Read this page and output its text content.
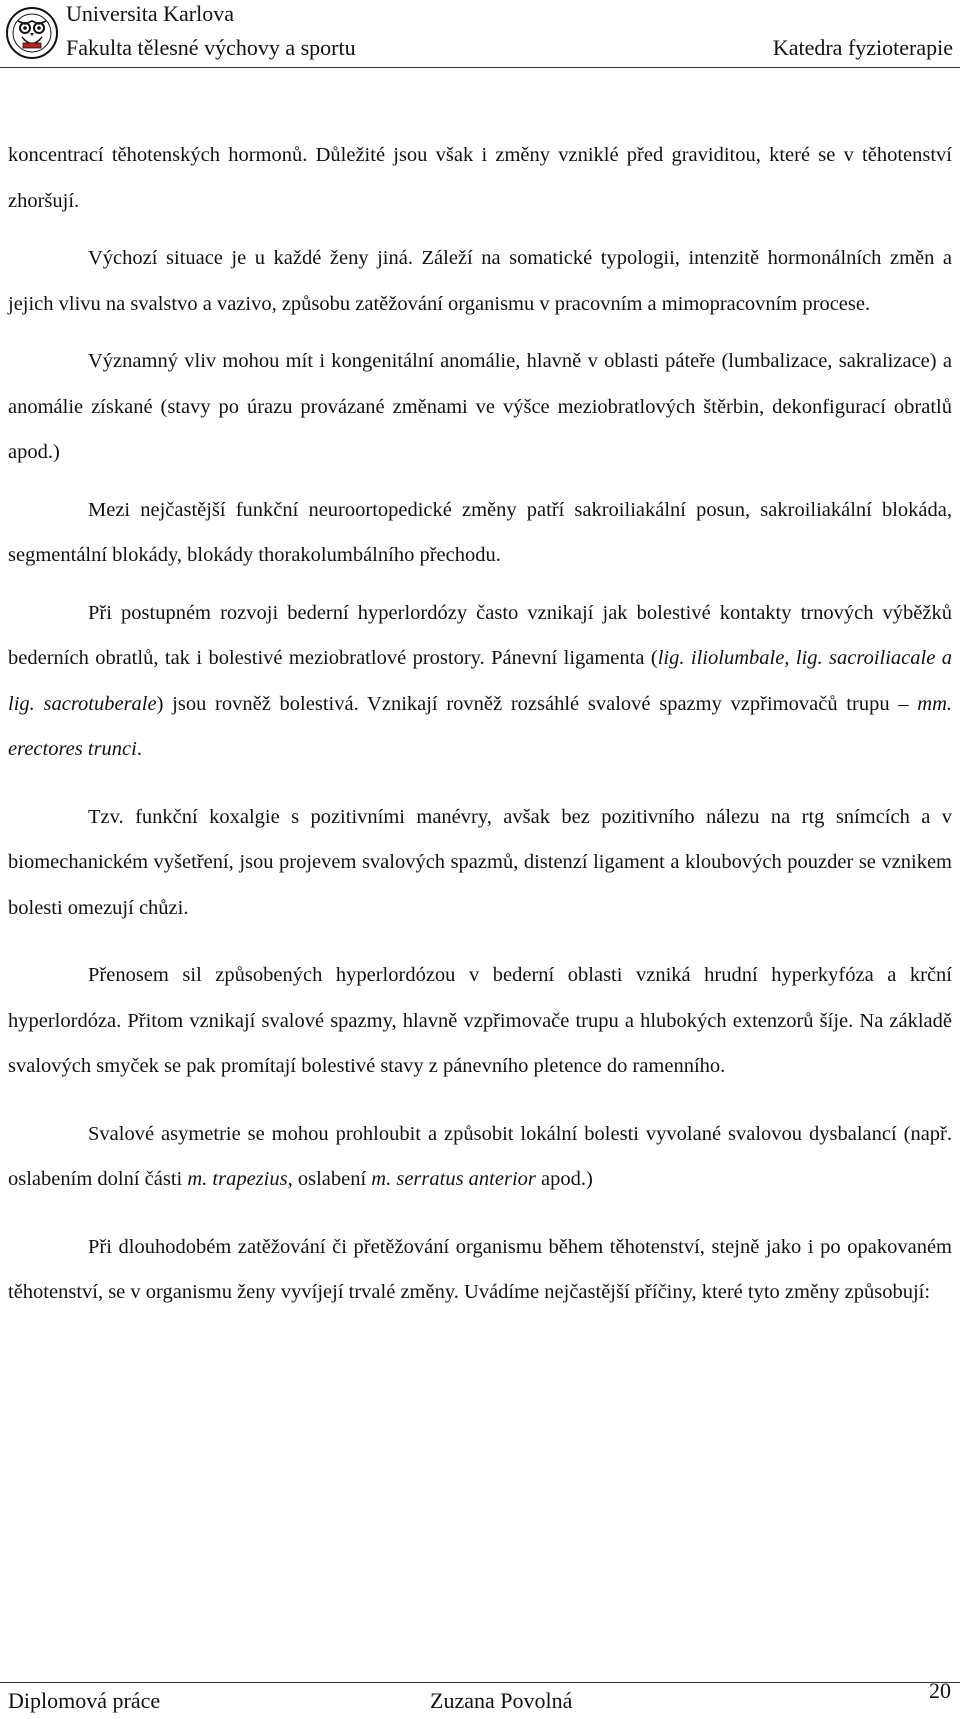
Universita Karlova
Fakulta tělesné výchovy a sportu	Katedra fyzioterapie

koncentrací těhotenských hormonů. Důležité jsou však i změny vzniklé před graviditou, které se v těhotenství zhoršují.

Výchozí situace je u každé ženy jiná. Záleží na somatické typologii, intenzitě hormonálních změn a jejich vlivu na svalstvo a vazivo, způsobu zatěžování organismu v pracovním a mimopracovním procese.

Významný vliv mohou mít i kongenitální anomálie, hlavně v oblasti páteře (lumbalizace, sakralizace) a anomálie získané (stavy po úrazu provázané změnami ve výšce meziobratlových štěrbin, dekonfigurací obratlů apod.)

Mezi nejčastější funkční neuroortopedické změny patří sakroiliakální posun, sakroiliakální blokáda, segmentální blokády, blokády thorakolumbálního přechodu.

Při postupném rozvoji bederní hyperlordózy často vznikají jak bolestivé kontakty trnových výběžků bederních obratlů, tak i bolestivé meziobratlové prostory. Pánevní ligamenta (lig. iliolumbale, lig. sacroiliacale a lig. sacrotuberale) jsou rovněž bolestivá. Vznikají rovněž rozsáhlé svalové spazmy vzpřimovačů trupu – mm. erectores trunci.

Tzv. funkční koxalgie s pozitivními manévry, avšak bez pozitivního nálezu na rtg snímcích a v biomechanickém vyšetření, jsou projevem svalových spazmů, distenzí ligament a kloubových pouzder se vznikem bolesti omezují chůzi.

Přenosem sil způsobených hyperlordózou v bederní oblasti vzniká hrudní hyperkyfóza a krční hyperlordóza. Přitom vznikají svalové spazmy, hlavně vzpřimovače trupu a hlubokých extenzorů šíje. Na základě svalových smyček se pak promítají bolestivé stavy z pánevního pletence do ramenního.

Svalové asymetrie se mohou prohloubit a způsobit lokální bolesti vyvolané svalovou dysbalancí (např. oslabením dolní části m. trapezius, oslabení m. serratus anterior apod.)

Při dlouhodobém zatěžování či přetěžování organismu během těhotenství, stejně jako i po opakovaném těhotenství, se v organismu ženy vyvíjejí trvalé změny. Uvádíme nejčastější příčiny, které tyto změny způsobují:

Diplomová práce	Zuzana Povolná	20
